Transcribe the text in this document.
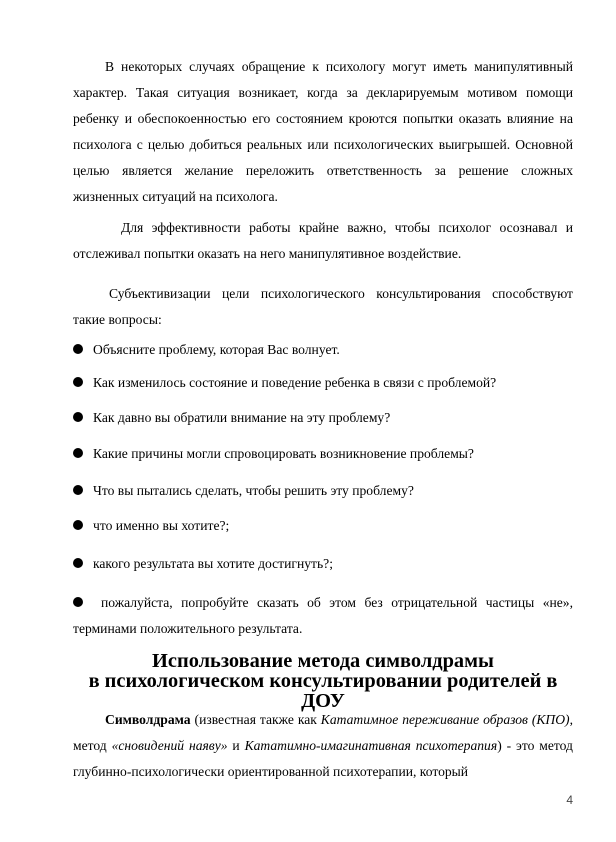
В некоторых случаях обращение к психологу могут иметь манипулятивный характер. Такая ситуация возникает, когда за декларируемым мотивом помощи ребенку и обеспокоенностью его состоянием кроются попытки оказать влияние на психолога с целью добиться реальных или психологических выигрышей. Основной целью является желание переложить ответственность за решение сложных жизненных ситуаций на психолога.

Для эффективности работы крайне важно, чтобы психолог осознавал и отслеживал попытки оказать на него манипулятивное воздействие.

Субъективизации цели психологического консультирования способствуют такие вопросы:

Объясните проблему, которая Вас волнует.

Как изменилось состояние и поведение ребенка в связи с проблемой?

Как давно вы обратили внимание на эту проблему?

Какие причины могли спровоцировать возникновение проблемы?

Что вы пытались сделать, чтобы решить эту проблему?

что именно вы хотите?;

какого результата вы хотите достигнуть?;

пожалуйста, попробуйте сказать об этом без отрицательной частицы «не», терминами положительного результата.

Использование метода символдрамы
в психологическом консультировании родителей в ДОУ

Символдрама (известная также как Кататимное переживание образов (КПО), метод «сновидений наяву» и Кататимно-имагинативная психотерапия) - это метод глубинно-психологически ориентированной психотерапии, который

4
